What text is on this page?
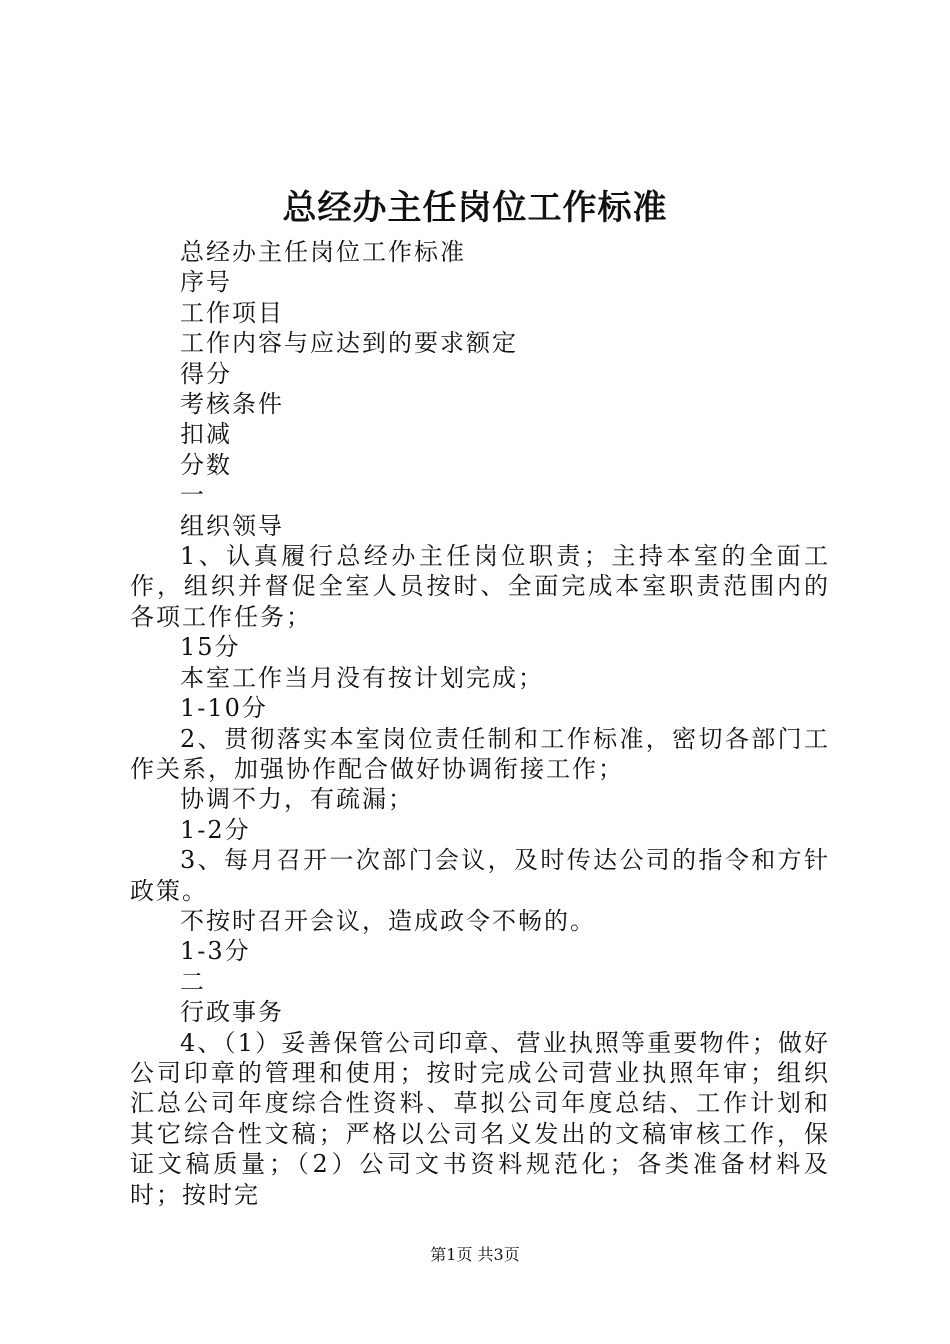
总经办主任岗位工作标准

总经办主任岗位工作标准

序号

工作项目

工作内容与应达到的要求额定

得分

考核条件

扣减

分数

一

组织领导

1、认真履行总经办主任岗位职责；主持本室的全面工作，组织并督促全室人员按时、全面完成本室职责范围内的各项工作任务；

15分

本室工作当月没有按计划完成；

1-10分

2、贯彻落实本室岗位责任制和工作标准，密切各部门工作关系，加强协作配合做好协调衔接工作；

协调不力，有疏漏；

1-2分

3、每月召开一次部门会议，及时传达公司的指令和方针政策。

不按时召开会议，造成政令不畅的。

1-3分

二

行政事务

4、（1）妥善保管公司印章、营业执照等重要物件；做好公司印章的管理和使用；按时完成公司营业执照年审；组织汇总公司年度综合性资料、草拟公司年度总结、工作计划和其它综合性文稿；严格以公司名义发出的文稿审核工作，保证文稿质量；（2）公司文书资料规范化；各类准备材料及时；按时完

第1页 共3页
